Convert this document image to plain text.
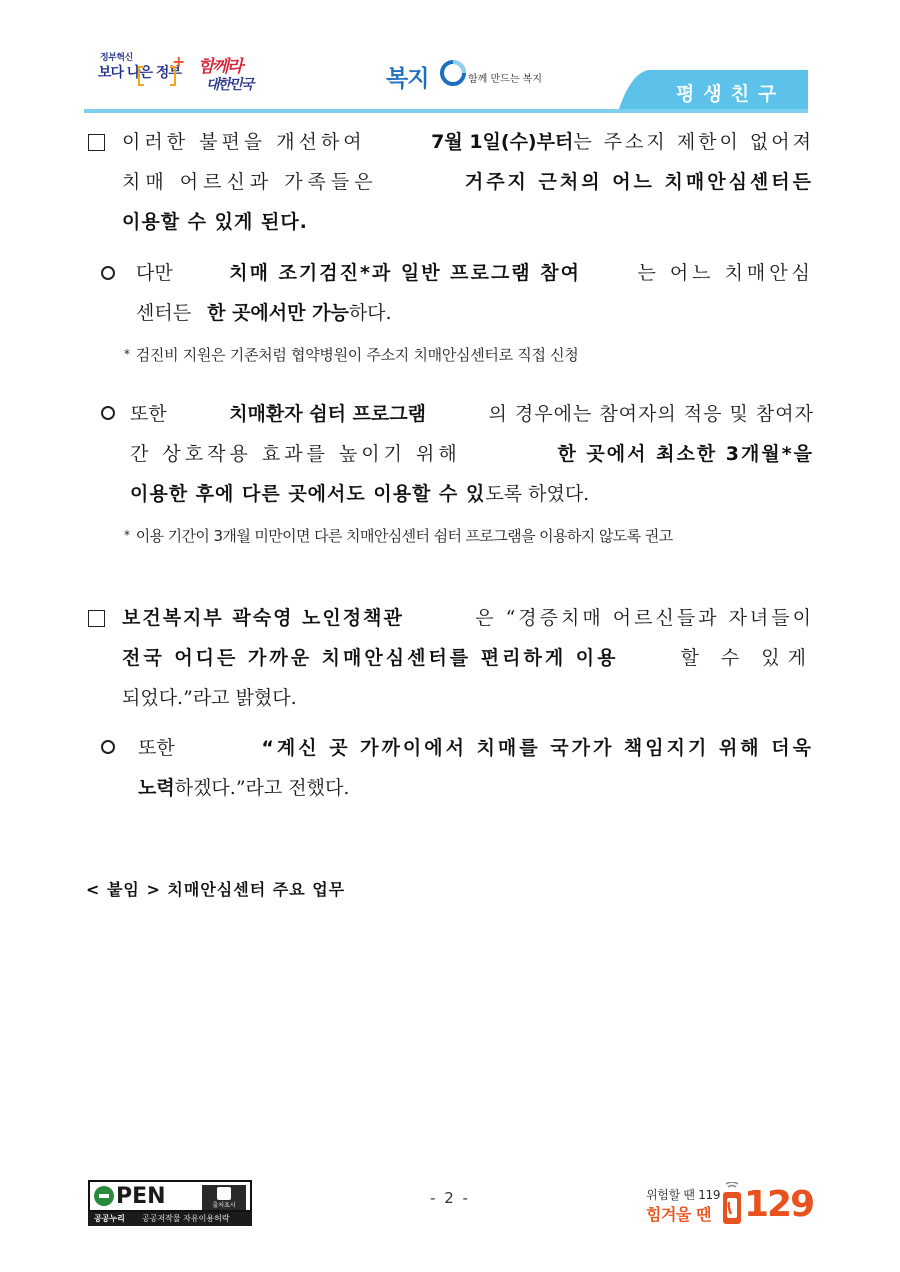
정부혁신
보다 나은 정부
+ 함께라
대한민국	복지	함께 만드는 복지
평생친구
이러한 불편을 개선하여	7월 1일(수)부터는 주소지 제한이 없어져
치매 어르신과 가족들은	거주지 근처의 어느 치매안심센터든
이용할 수 있게 된다.
다만	치매 조기검진*과 일반 프로그램 참여	는 어느 치매안심
센터든 한 곳에서만 가능하다.
* 검진비 지원은 기존처럼 협약병원이 주소지 치매안심센터로 직접 신청
또한	치매환자 쉼터 프로그램	의 경우에는 참여자의 적응 및 참여자
간 상호작용 효과를 높이기 위해	한 곳에서 최소한 3개월*을
이용한 후에 다른 곳에서도 이용할 수 있도록 하였다.
* 이용 기간이 3개월 미만이면 다른 치매안심센터 쉼터 프로그램을 이용하지 않도록 권고
보건복지부 곽숙영 노인정책관	은 “경증치매 어르신들과 자녀들이
전국 어디든 가까운 치매안심센터를 편리하게 이용	할 수 있게
되었다.”라고 밝혔다.
또한	“계신 곳 가까이에서 치매를 국가가 책임지기 위해 더욱
노력하겠다.”라고 전했다.
< 붙임 > 치매안심센터 주요 업무
PEN	출처표시
공공누리 공공저작물 자유이용허락
- 2 -	위험할 땐 119
힘겨울 땐 129
